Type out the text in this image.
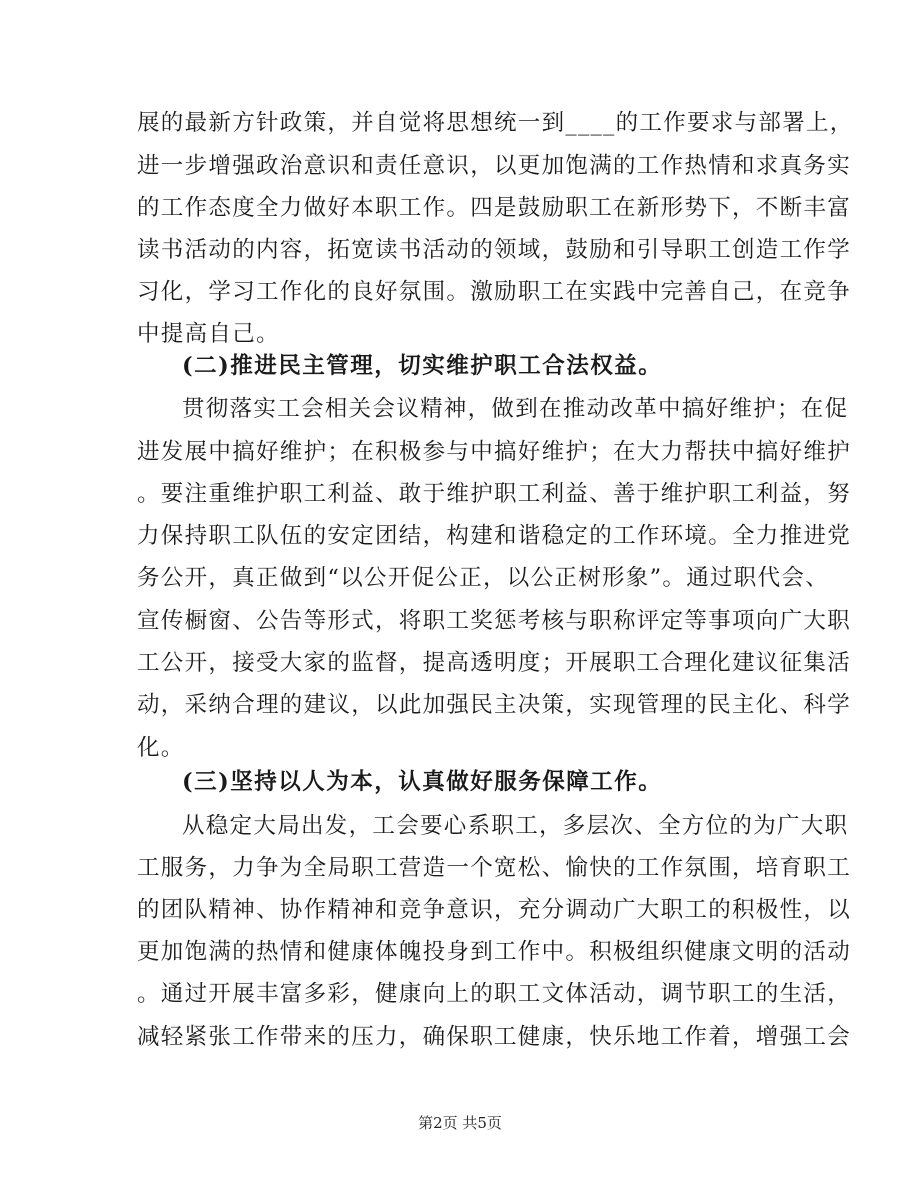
展的最新方针政策，并自觉将思想统一到____的工作要求与部署上，
进一步增强政治意识和责任意识，以更加饱满的工作热情和求真务实
的工作态度全力做好本职工作。四是鼓励职工在新形势下，不断丰富
读书活动的内容，拓宽读书活动的领域，鼓励和引导职工创造工作学
习化，学习工作化的良好氛围。激励职工在实践中完善自己，在竞争
中提高自己。
(二)推进民主管理，切实维护职工合法权益。
贯彻落实工会相关会议精神，做到在推动改革中搞好维护；在促
进发展中搞好维护；在积极参与中搞好维护；在大力帮扶中搞好维护
。要注重维护职工利益、敢于维护职工利益、善于维护职工利益，努
力保持职工队伍的安定团结，构建和谐稳定的工作环境。全力推进党
务公开，真正做到“以公开促公正，以公正树形象”。通过职代会、
宣传橱窗、公告等形式，将职工奖惩考核与职称评定等事项向广大职
工公开，接受大家的监督，提高透明度；开展职工合理化建议征集活
动，采纳合理的建议，以此加强民主决策，实现管理的民主化、科学
化。
(三)坚持以人为本，认真做好服务保障工作。
从稳定大局出发，工会要心系职工，多层次、全方位的为广大职
工服务，力争为全局职工营造一个宽松、愉快的工作氛围，培育职工
的团队精神、协作精神和竞争意识，充分调动广大职工的积极性，以
更加饱满的热情和健康体魄投身到工作中。积极组织健康文明的活动
。通过开展丰富多彩，健康向上的职工文体活动，调节职工的生活，
减轻紧张工作带来的压力，确保职工健康，快乐地工作着，增强工会
第2页 共5页
